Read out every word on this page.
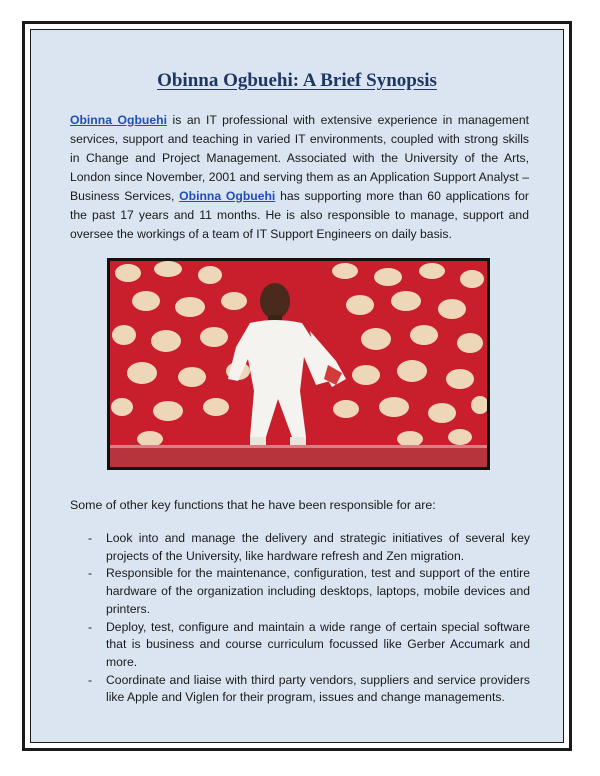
Obinna Ogbuehi: A Brief Synopsis

Obinna Ogbuehi is an IT professional with extensive experience in management services, support and teaching in varied IT environments, coupled with strong skills in Change and Project Management. Associated with the University of the Arts, London since November, 2001 and serving them as an Application Support Analyst – Business Services, Obinna Ogbuehi has supporting more than 60 applications for the past 17 years and 11 months. He is also responsible to manage, support and oversee the workings of a team of IT Support Engineers on daily basis.

Some of other key functions that he have been responsible for are:

- Look into and manage the delivery and strategic initiatives of several key projects of the University, like hardware refresh and Zen migration.
- Responsible for the maintenance, configuration, test and support of the entire hardware of the organization including desktops, laptops, mobile devices and printers.
- Deploy, test, configure and maintain a wide range of certain special software that is business and course curriculum focussed like Gerber Accumark and more.
- Coordinate and liaise with third party vendors, suppliers and service providers like Apple and Viglen for their program, issues and change managements.
